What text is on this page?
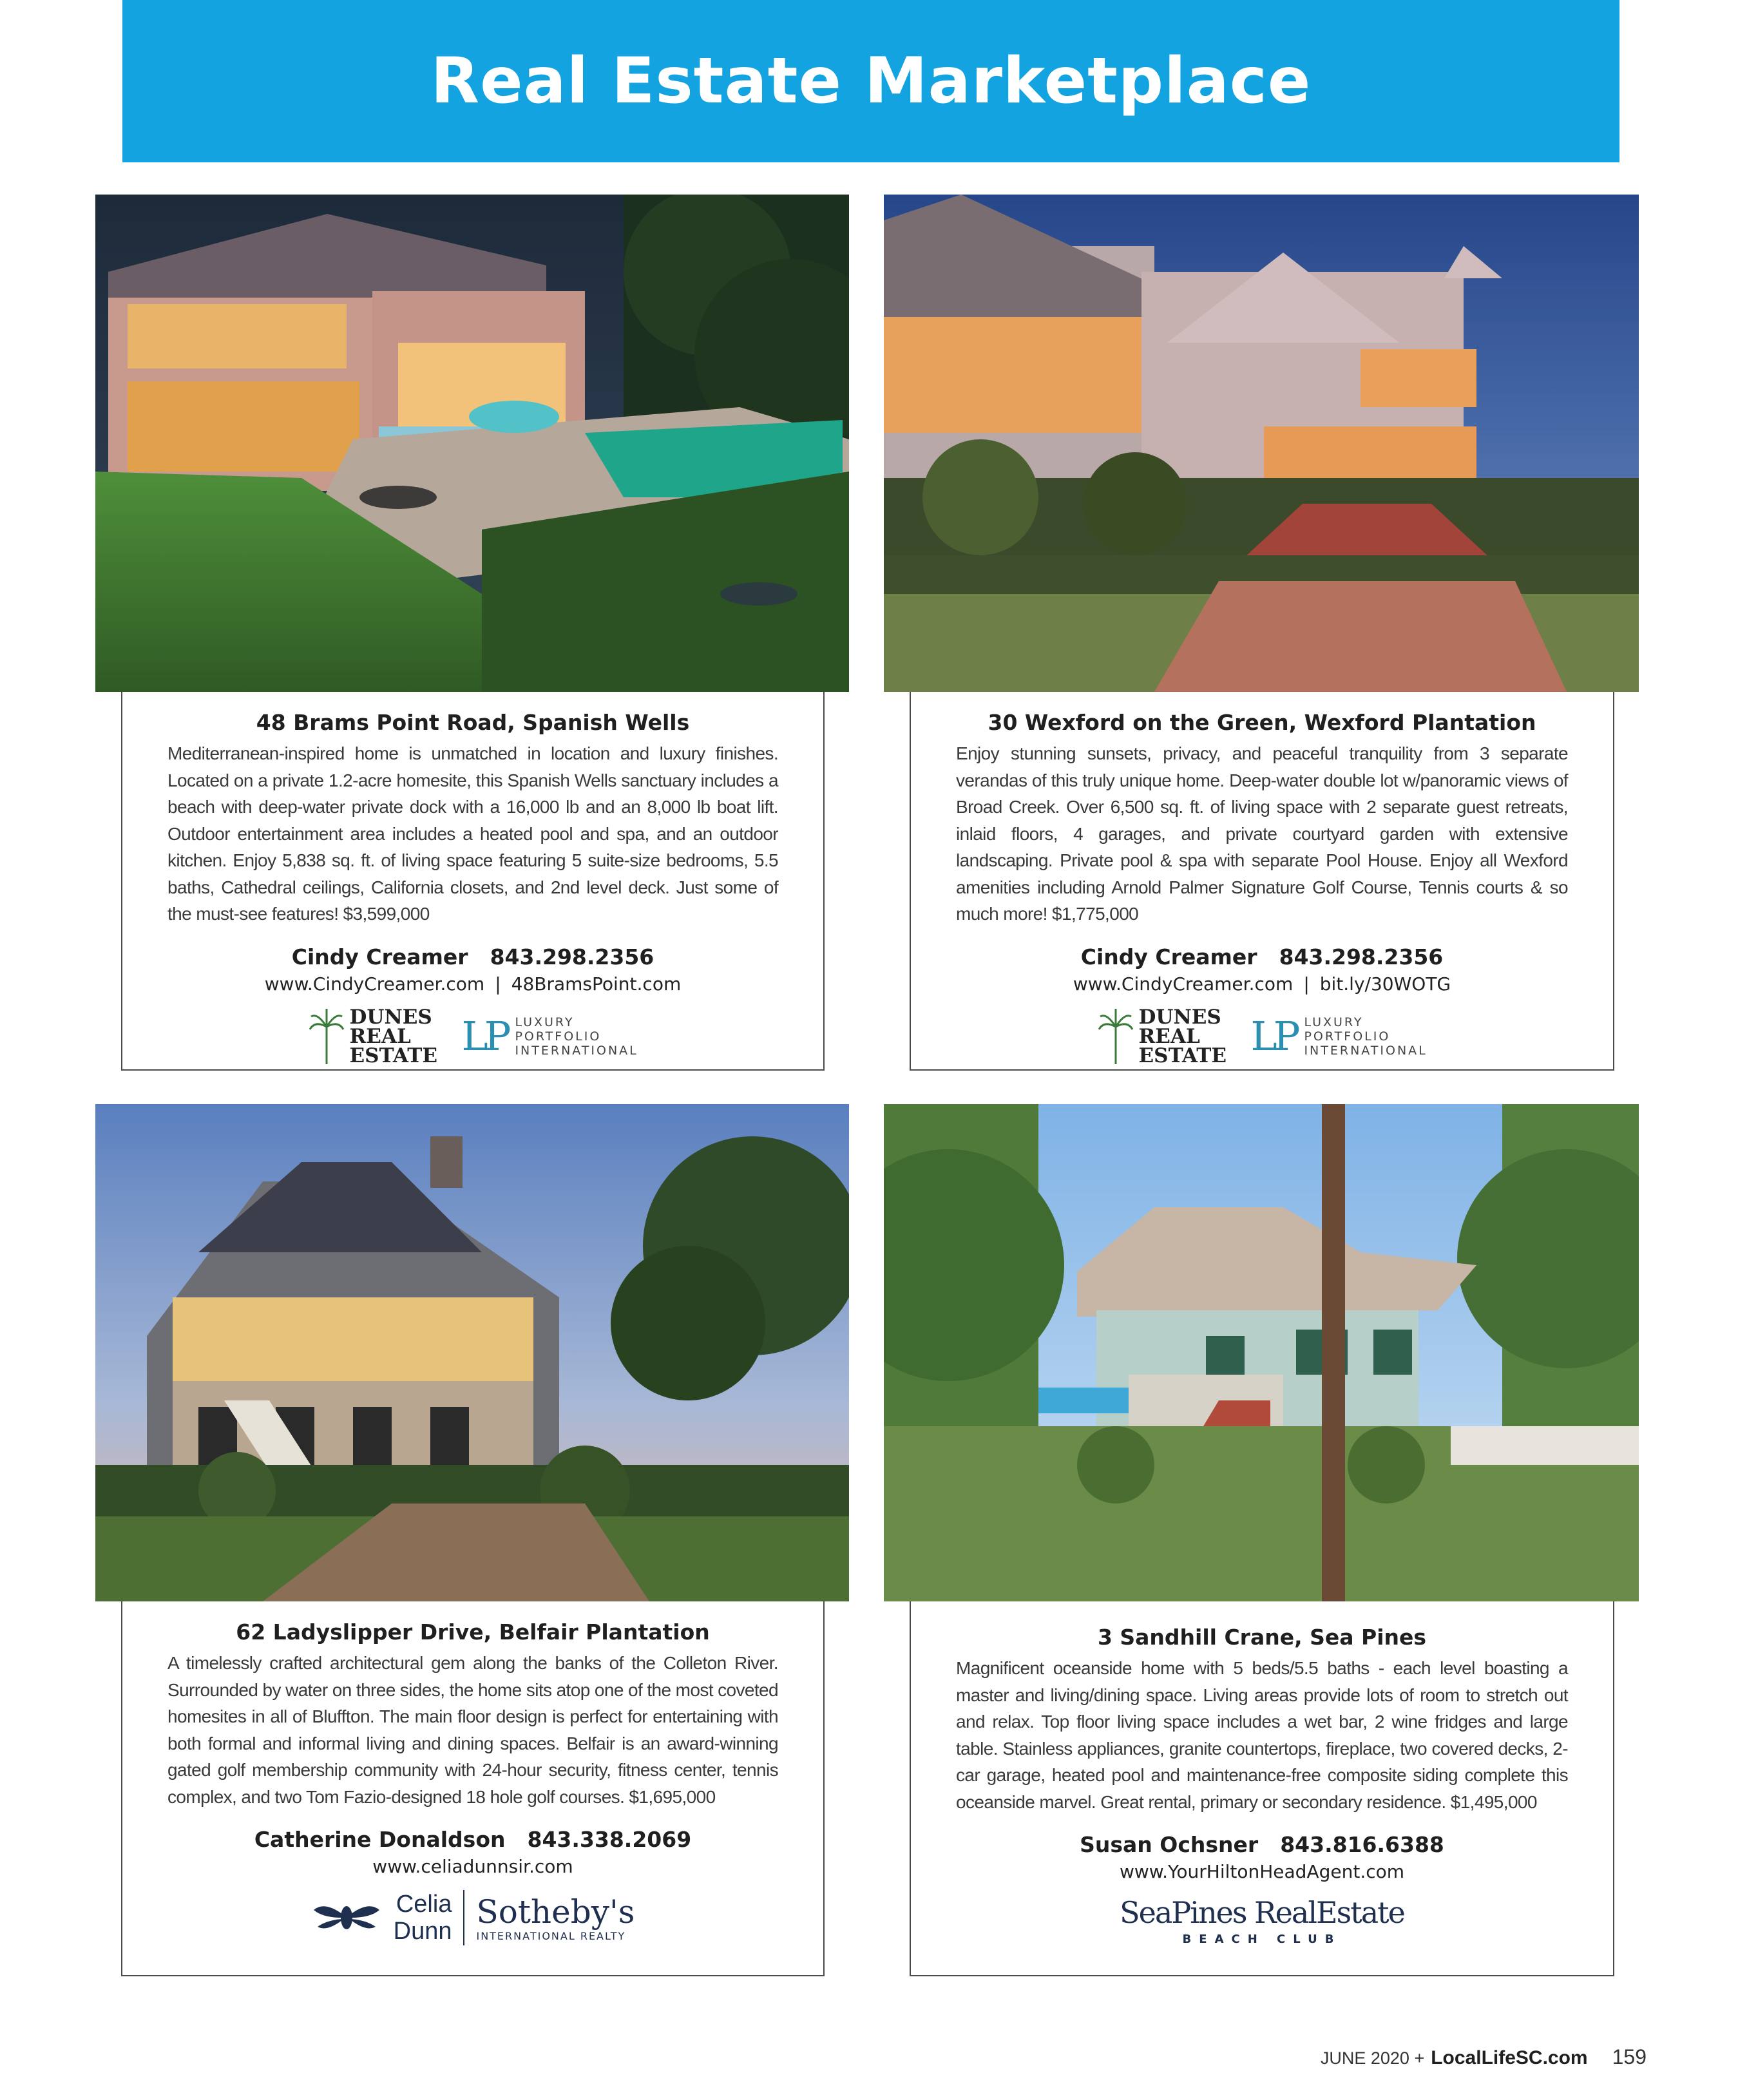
Real Estate Marketplace
48 Brams Point Road, Spanish Wells

Mediterranean-inspired home is unmatched in location and luxury finishes. Located on a private 1.2-acre homesite, this Spanish Wells sanctuary includes a beach with deep-water private dock with a 16,000 lb and an 8,000 lb boat lift. Outdoor entertainment area includes a heated pool and spa, and an outdoor kitchen. Enjoy 5,838 sq. ft. of living space featuring 5 suite-size bedrooms, 5.5 baths, Cathedral ceilings, California closets, and 2nd level deck. Just some of the must-see features! $3,599,000

Cindy Creamer 843.298.2356
www.CindyCreamer.com | 48BramsPoint.com
DUNES REAL ESTATE LP LUXURY PORTFOLIO INTERNATIONAL
30 Wexford on the Green, Wexford Plantation

Enjoy stunning sunsets, privacy, and peaceful tranquility from 3 separate verandas of this truly unique home. Deep-water double lot w/panoramic views of Broad Creek. Over 6,500 sq. ft. of living space with 2 separate guest retreats, inlaid floors, 4 garages, and private courtyard garden with extensive landscaping. Private pool & spa with separate Pool House. Enjoy all Wexford amenities including Arnold Palmer Signature Golf Course, Tennis courts & so much more! $1,775,000

Cindy Creamer 843.298.2356
www.CindyCreamer.com | bit.ly/30WOTG
DUNES REAL ESTATE LP LUXURY PORTFOLIO INTERNATIONAL
62 Ladyslipper Drive, Belfair Plantation

A timelessly crafted architectural gem along the banks of the Colleton River. Surrounded by water on three sides, the home sits atop one of the most coveted homesites in all of Bluffton. The main floor design is perfect for entertaining with both formal and informal living and dining spaces. Belfair is an award-winning gated golf membership community with 24-hour security, fitness center, tennis complex, and two Tom Fazio-designed 18 hole golf courses. $1,695,000

Catherine Donaldson 843.338.2069
www.celiadunnsir.com
Celia
Dunn
Sotheby's
INTERNATIONAL REALTY
3 Sandhill Crane, Sea Pines

Magnificent oceanside home with 5 beds/5.5 baths - each level boasting a master and living/dining space. Living areas provide lots of room to stretch out and relax. Top floor living space includes a wet bar, 2 wine fridges and large table. Stainless appliances, granite countertops, fireplace, two covered decks, 2-car garage, heated pool and maintenance-free composite siding complete this oceanside marvel. Great rental, primary or secondary residence. $1,495,000

Susan Ochsner 843.816.6388
www.YourHiltonHeadAgent.com
SeaPines RealEstate
BEACH CLUB
JUNE 2020 + LocalLifeSC.com 159
